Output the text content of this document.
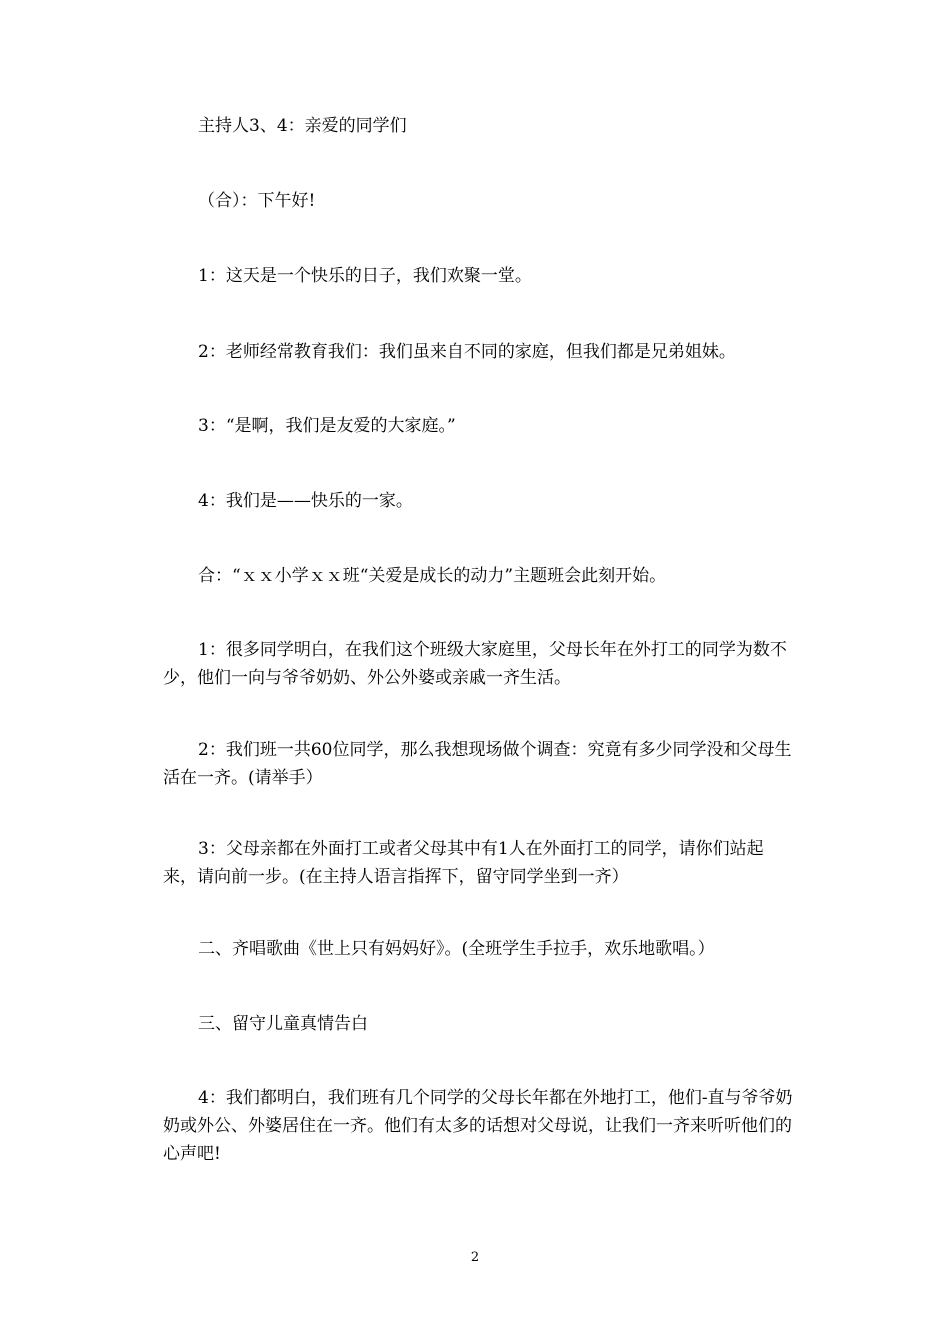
主持人3、4：亲爱的同学们

（合）：下午好!

1：这天是一个快乐的日子，我们欢聚一堂。

2：老师经常教育我们：我们虽来自不同的家庭，但我们都是兄弟姐妹。

3：“是啊，我们是友爱的大家庭。”

4：我们是——快乐的一家。

合：“ｘｘ小学ｘｘ班“关爱是成长的动力”主题班会此刻开始。

1：很多同学明白，在我们这个班级大家庭里，父母长年在外打工的同学为数不少，他们一向与爷爷奶奶、外公外婆或亲戚一齐生活。

2：我们班一共60位同学，那么我想现场做个调查：究竟有多少同学没和父母生活在一齐。(请举手）

3：父母亲都在外面打工或者父母其中有1人在外面打工的同学，请你们站起来，请向前一步。(在主持人语言指挥下，留守同学坐到一齐）

二、齐唱歌曲《世上只有妈妈好》。(全班学生手拉手，欢乐地歌唱。）

三、留守儿童真情告白

4：我们都明白，我们班有几个同学的父母长年都在外地打工，他们-直与爷爷奶奶或外公、外婆居住在一齐。他们有太多的话想对父母说，让我们一齐来听听他们的心声吧!

2
